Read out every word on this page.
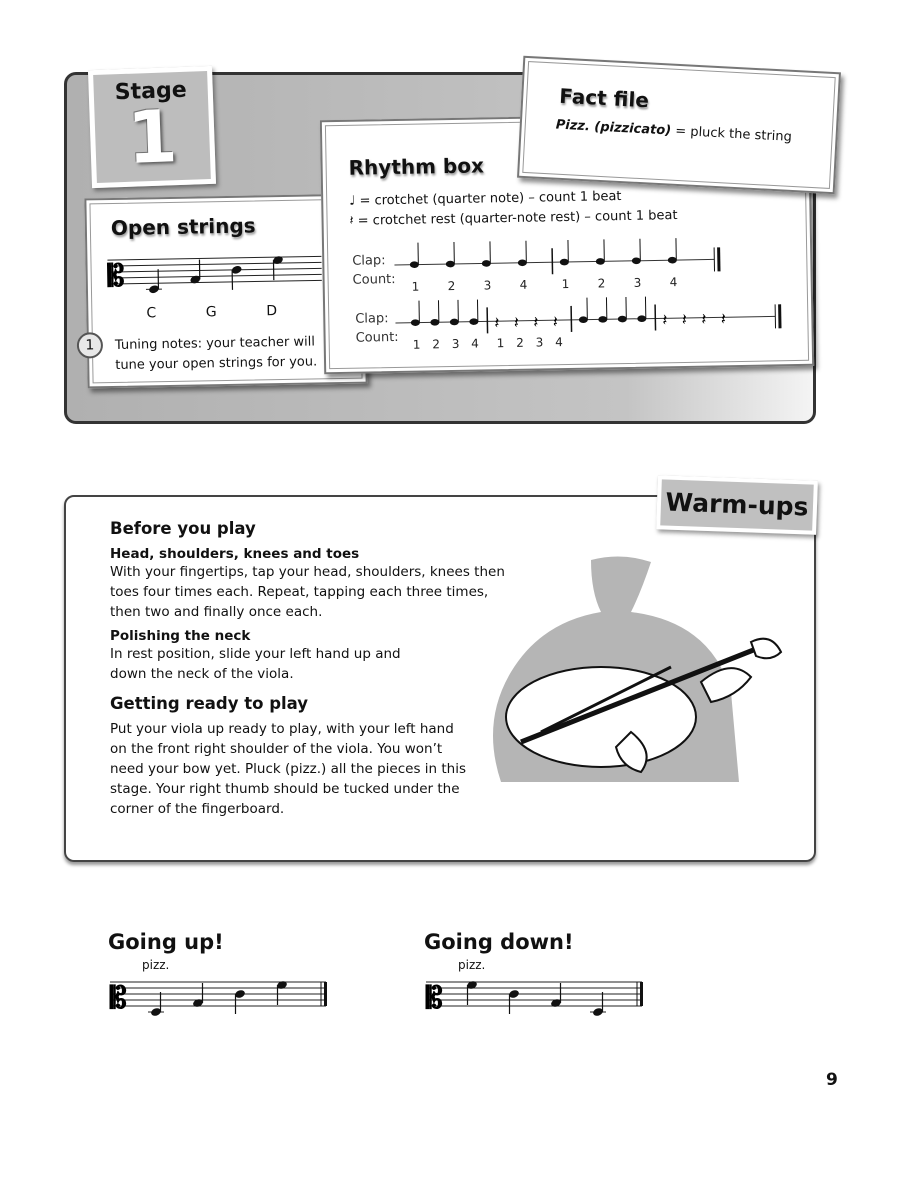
Stage
1
Open strings
𝄡
C	G	D
1	Tuning notes: your teacher will
tune your open strings for you.
Rhythm box
♩ = crotchet (quarter note) – count 1 beat
𝄽 = crotchet rest (quarter-note rest) – count 1 beat
Clap:
Count:
Clap:
Count:
1 2 3 4	1 2 3 4
𝄽 𝄽 𝄽 𝄽	𝄽 𝄽 𝄽 𝄽
1 2 3 4 1 2 3 4
Fact file
Pizz. (pizzicato) = pluck the string
Before you play
Head, shoulders, knees and toes
With your fingertips, tap your head, shoulders, knees then
toes four times each. Repeat, tapping each three times,
then two and finally once each.
Polishing the neck
In rest position, slide your left hand up and
down the neck of the viola.
Getting ready to play
Put your viola up ready to play, with your left hand
on the front right shoulder of the viola. You won’t
need your bow yet. Pluck (pizz.) all the pieces in this
stage. Your right thumb should be tucked under the
corner of the fingerboard.
Warm-ups
Going up!
pizz.
𝄡
Going down!
pizz.
𝄡
9
